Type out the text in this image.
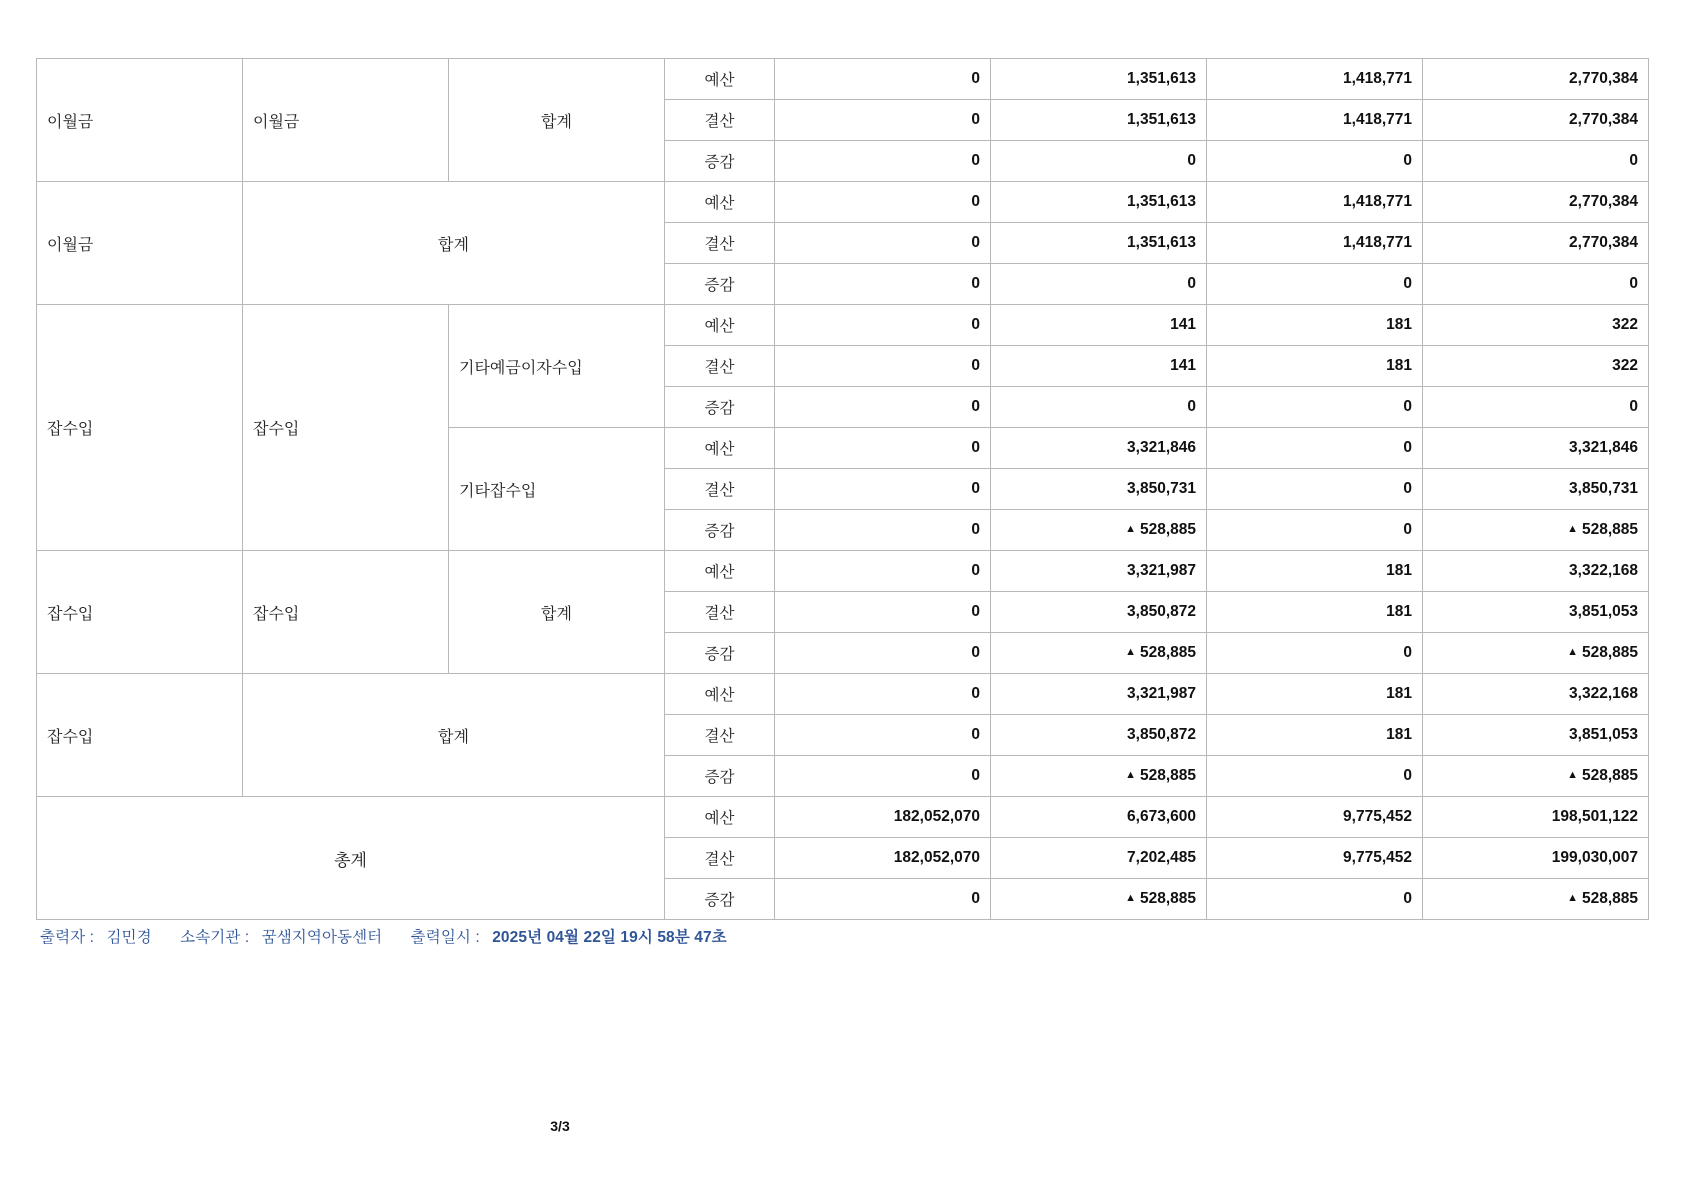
이월금	이월금	합계	예산	0	1,351,613	1,418,771	2,770,384
			결산	0	1,351,613	1,418,771	2,770,384
			증감	0	0	0	0
이월금	합계		예산	0	1,351,613	1,418,771	2,770,384
			결산	0	1,351,613	1,418,771	2,770,384
			증감	0	0	0	0
잡수입	잡수입	기타예금이자수입	예산	0	141	181	322
			결산	0	141	181	322
			증감	0	0	0	0
		기타잡수입	예산	0	3,321,846	0	3,321,846
			결산	0	3,850,731	0	3,850,731
			증감	0	▲ 528,885	0	▲ 528,885
잡수입	잡수입	합계	예산	0	3,321,987	181	3,322,168
			결산	0	3,850,872	181	3,851,053
			증감	0	▲ 528,885	0	▲ 528,885
잡수입	합계		예산	0	3,321,987	181	3,322,168
			결산	0	3,850,872	181	3,851,053
			증감	0	▲ 528,885	0	▲ 528,885
총계			예산	182,052,070	6,673,600	9,775,452	198,501,122
			결산	182,052,070	7,202,485	9,775,452	199,030,007
			증감	0	▲ 528,885	0	▲ 528,885
출력자 : 김민경 소속기관 : 꿈샘지역아동센터 출력일시 : 2025년 04월 22일 19시 58분 47초
3/3
